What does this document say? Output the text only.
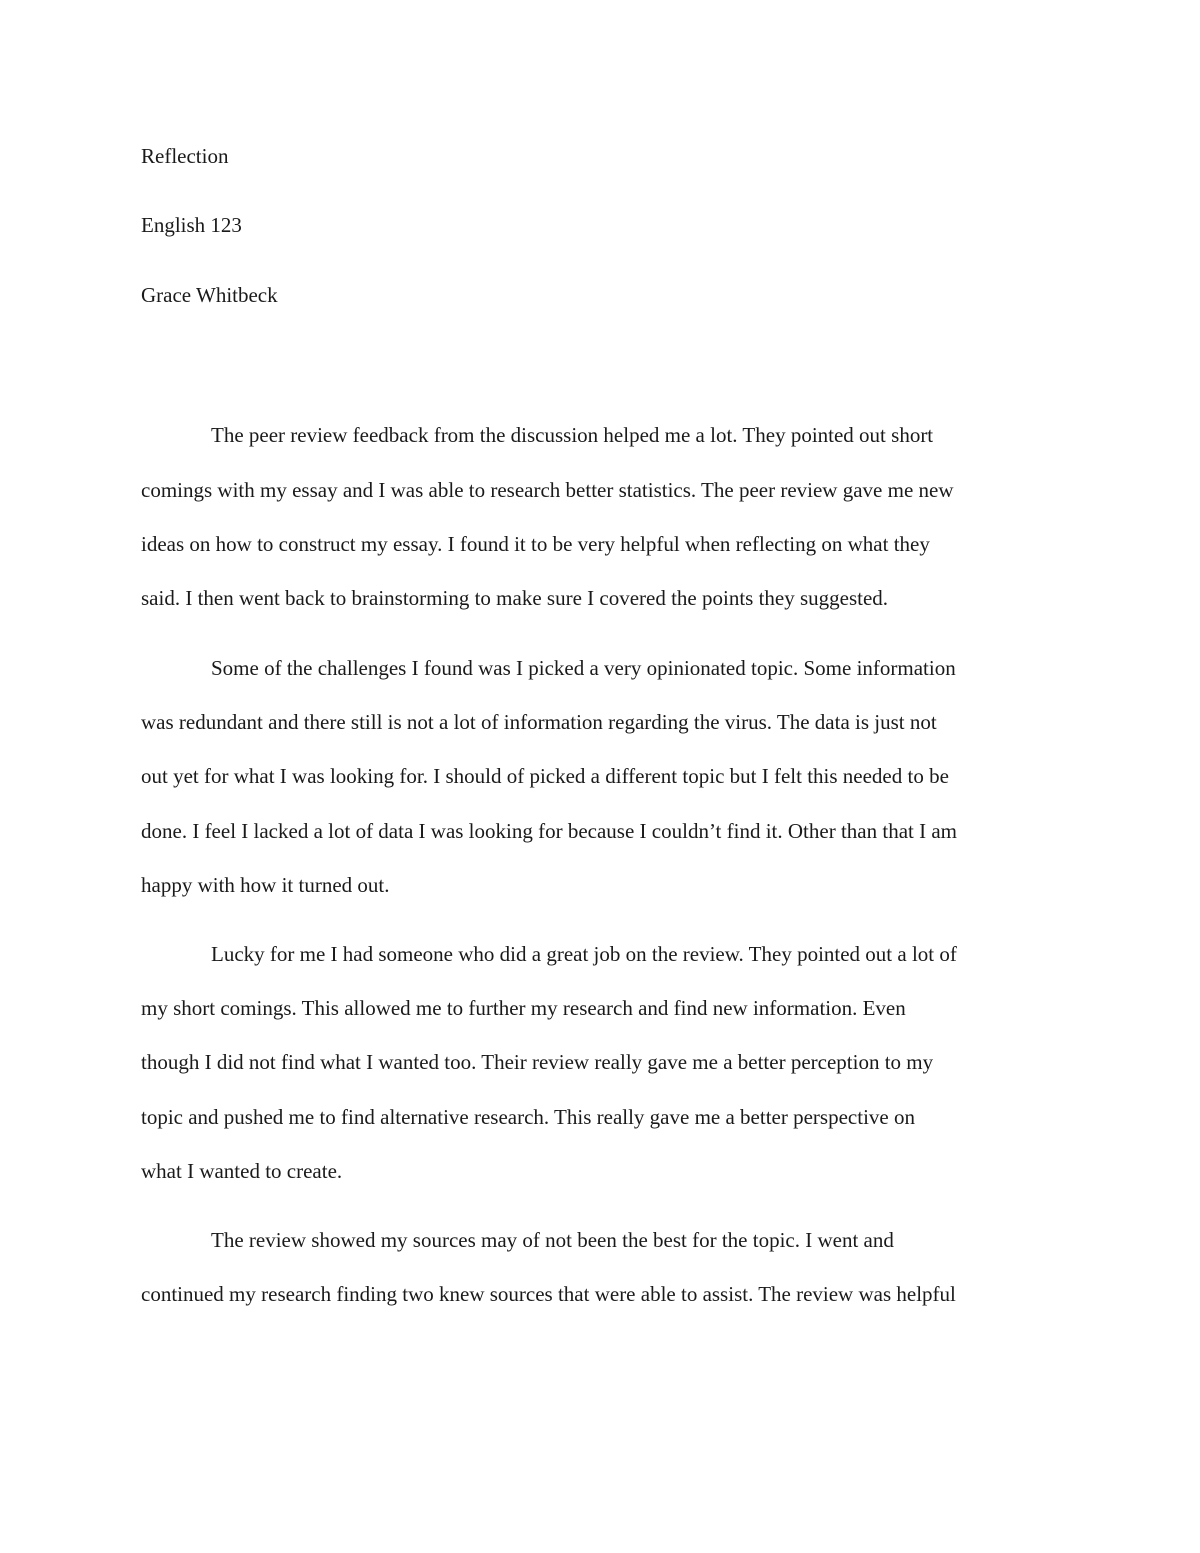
Reflection
English 123
Grace Whitbeck
The peer review feedback from the discussion helped me a lot. They pointed out short
comings with my essay and I was able to research better statistics. The peer review gave me new
ideas on how to construct my essay. I found it to be very helpful when reflecting on what they
said. I then went back to brainstorming to make sure I covered the points they suggested.
Some of the challenges I found was I picked a very opinionated topic. Some information
was redundant and there still is not a lot of information regarding the virus. The data is just not
out yet for what I was looking for. I should of picked a different topic but I felt this needed to be
done. I feel I lacked a lot of data I was looking for because I couldn’t find it. Other than that I am
happy with how it turned out.
Lucky for me I had someone who did a great job on the review. They pointed out a lot of
my short comings. This allowed me to further my research and find new information. Even
though I did not find what I wanted too. Their review really gave me a better perception to my
topic and pushed me to find alternative research. This really gave me a better perspective on
what I wanted to create.
The review showed my sources may of not been the best for the topic. I went and
continued my research finding two knew sources that were able to assist. The review was helpful
